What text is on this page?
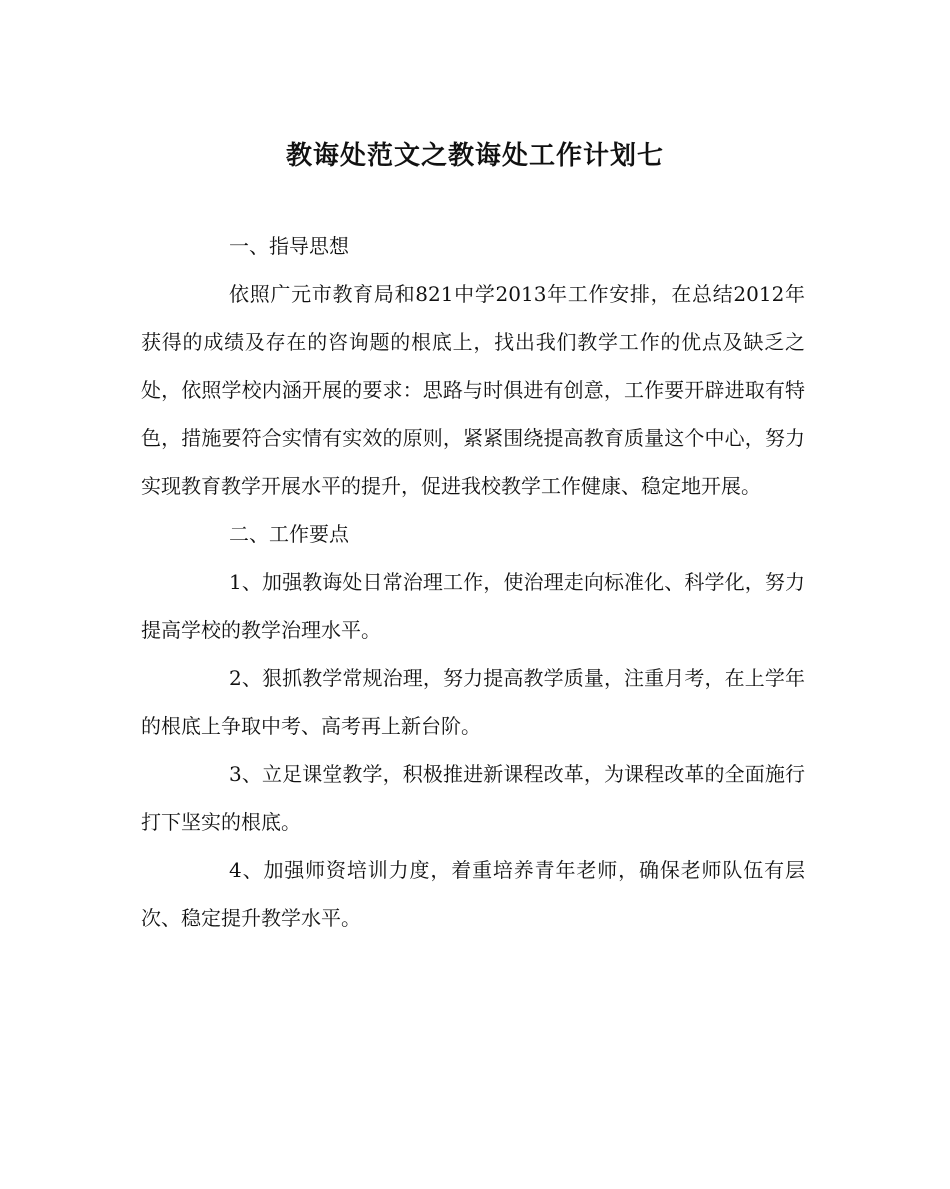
教诲处范文之教诲处工作计划七

一、指导思想

依照广元市教育局和821中学2013年工作安排，在总结2012年获得的成绩及存在的咨询题的根底上，找出我们教学工作的优点及缺乏之处，依照学校内涵开展的要求：思路与时俱进有创意，工作要开辟进取有特色，措施要符合实情有实效的原则，紧紧围绕提高教育质量这个中心，努力实现教育教学开展水平的提升，促进我校教学工作健康、稳定地开展。

二、工作要点

1、加强教诲处日常治理工作，使治理走向标准化、科学化，努力提高学校的教学治理水平。

2、狠抓教学常规治理，努力提高教学质量，注重月考，在上学年的根底上争取中考、高考再上新台阶。

3、立足课堂教学，积极推进新课程改革，为课程改革的全面施行打下坚实的根底。

4、加强师资培训力度，着重培养青年老师，确保老师队伍有层次、稳定提升教学水平。
